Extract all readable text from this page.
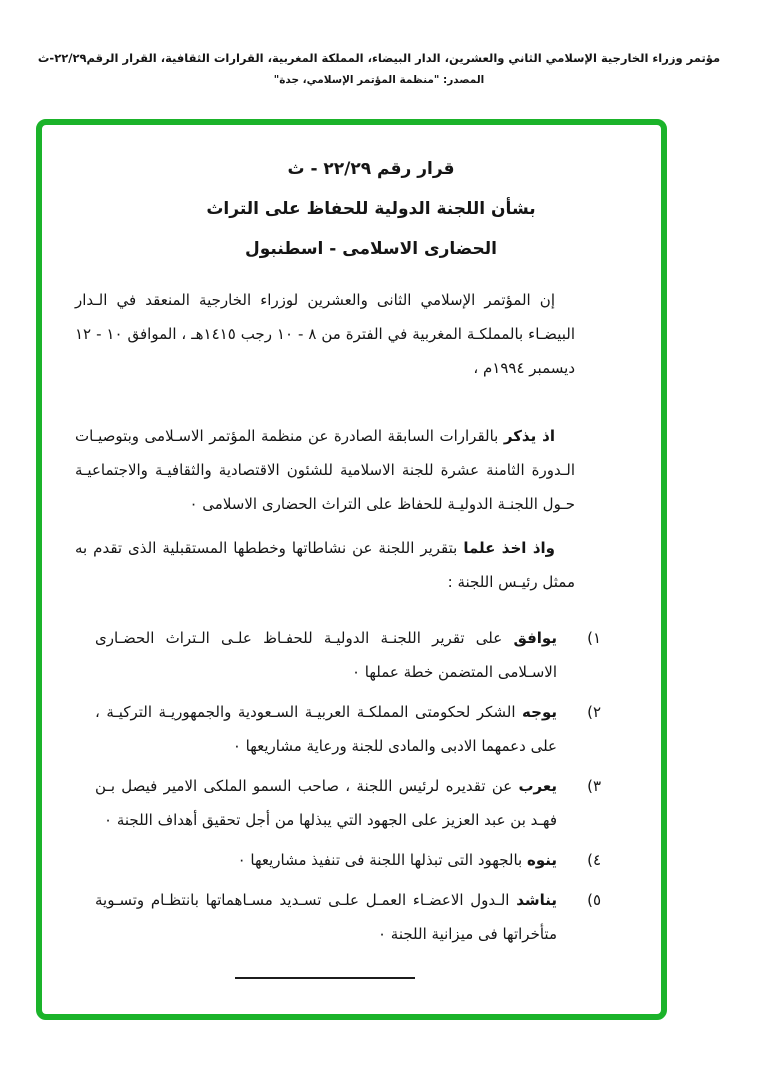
مؤتمر وزراء الخارجية الإسلامي الثاني والعشرين، الدار البيضاء، المملكة المغربية، القرارات الثقافية، القرار الرقم٢٢/٢٩-ث
المصدر: "منظمة المؤتمر الإسلامي، جدة"
قرار رقم ٢٢/٢٩ - ث
بشأن اللجنة الدولية للحفاظ على التراث
الحضارى الاسلامى - اسطنبول
إن المؤتمر الإسلامي الثانى والعشرين لوزراء الخارجية المنعقد في الـدار البيضـاء بالمملكـة المغربية في الفترة من ٨ - ١٠ رجب ١٤١٥هـ ، الموافق ١٠ - ١٢ ديسمبر ١٩٩٤م ،
اذ يذكر بالقرارات السابقة الصادرة عن منظمة المؤتمر الاسـلامى وبتوصيـات الـدورة الثامنة عشرة للجنة الاسلامية للشئون الاقتصادية والثقافيـة والاجتماعيـة حـول اللجنـة الدوليـة للحفاظ على التراث الحضارى الاسلامى ٠
واذ اخذ علما بتقرير اللجنة عن نشاطاتها وخططها المستقبلية الذى تقدم به ممثل رئيـس اللجنة :
١)
يوافق على تقرير اللجنـة الدوليـة للحفـاظ علـى الـتراث الحضـارى الاسـلامى المتضمن خطة عملها ٠
٢)
يوجه الشكر لحكومتى المملكـة العربيـة السـعودية والجمهوريـة التركيـة ، على دعمهما الادبى والمادى للجنة ورعاية مشاريعها ٠
٣)
يعرب عن تقديره لرئيس اللجنة ، صاحب السمو الملكى الامير فيصل بـن فهـد بن عبد العزيز على الجهود التي يبذلها من أجل تحقيق أهداف اللجنة ٠
٤)
ينوه بالجهود التى تبذلها اللجنة فى تنفيذ مشاريعها ٠
٥)
يناشد الـدول الاعضـاء العمـل علـى تسـديد مسـاهماتها بانتظـام وتسـوية متأخراتها فى ميزانية اللجنة ٠
